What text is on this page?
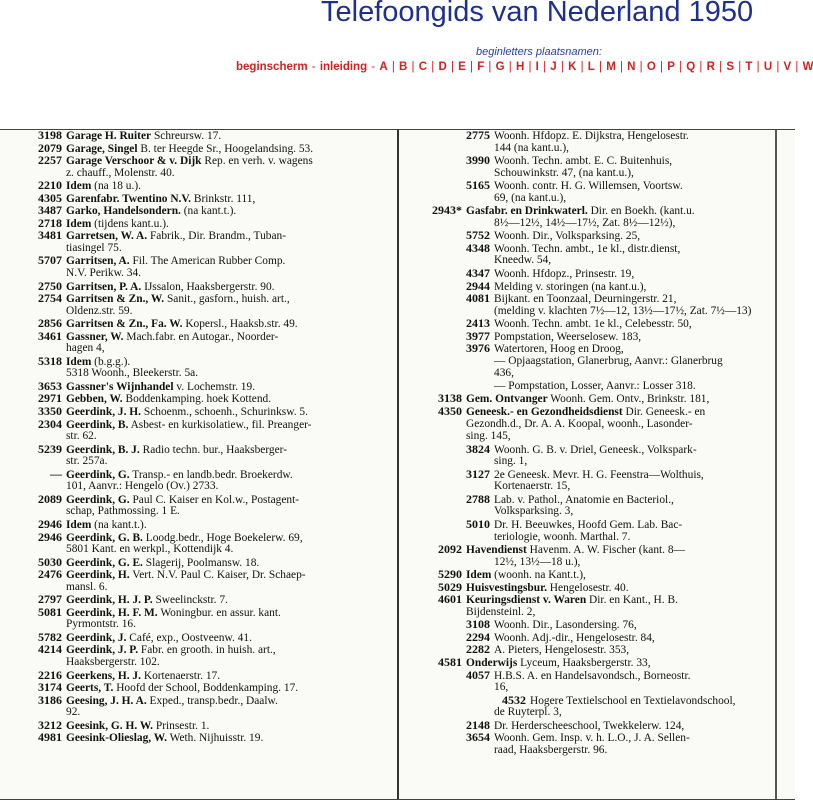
Telefoongids van Nederland 1950
beginletters plaatsnamen:
beginscherm - inleiding - A | B | C | D | E | F | G | H | I | J | K | L | M | N | O | P | Q | R | S | T | U | V | W
3198 Garage H. Ruiter Schreursw. 17.
2079 Garage, Singel B. ter Heegde Sr., Hoogelandsing. 53.
2257 Garage Verschoor & v. Dijk Rep. en verh. v. wagens
z. chauff., Molenstr. 40.
2210 Idem (na 18 u.).
4305 Garenfabr. Twentino N.V. Brinkstr. 111,
3487 Garko, Handelsondern. (na kant.t.).
2718 Idem (tijdens kant.u.).
3481 Garretsen, W. A. Fabrik., Dir. Brandm., Tuban-
tiasingel 75.
5707 Garritsen, A. Fil. The American Rubber Comp.
N.V. Perikw. 34.
2750 Garritsen, P. A. IJssalon, Haaksbergerstr. 90.
2754 Garritsen & Zn., W. Sanit., gasforn., huish. art.,
Oldenz.str. 59.
2856 Garritsen & Zn., Fa. W. Kopersl., Haaksb.str. 49.
3461 Gassner, W. Mach.fabr. en Autogar., Noorder-
hagen 4,
5318 Idem (b.g.g.).
5318 Woonh., Bleekerstr. 5a.
3653 Gassner's Wijnhandel v. Lochemstr. 19.
2971 Gebben, W. Boddenkamping. hoek Kottend.
3350 Geerdink, J. H. Schoenm., schoenh., Schurinksw. 5.
2304 Geerdink, B. Asbest- en kurkisolatiew., fil. Preanger-
str. 62.
5239 Geerdink, B. J. Radio techn. bur., Haaksberger-
str. 257a.
— Geerdink, G. Transp.- en landb.bedr. Broekerdw.
101, Aanvr.: Hengelo (Ov.) 2733.
2089 Geerdink, G. Paul C. Kaiser en Kol.w., Postagent-
schap, Pathmossing. 1 E.
2946 Idem (na kant.t.).
2946 Geerdink, G. B. Loodg.bedr., Hoge Boekelerw. 69,
5801 Kant. en werkpl., Kottendijk 4.
5030 Geerdink, G. E. Slagerij, Poolmansw. 18.
2476 Geerdink, H. Vert. N.V. Paul C. Kaiser, Dr. Schaep-
mansl. 6.
2797 Geerdink, H. J. P. Sweelinckstr. 7.
5081 Geerdink, H. F. M. Woningbur. en assur. kant.
Pyrmontstr. 16.
5782 Geerdink, J. Café, exp., Oostveenw. 41.
4214 Geerdink, J. P. Fabr. en grooth. in huish. art.,
Haaksbergerstr. 102.
2216 Geerkens, H. J. Kortenaerstr. 17.
3174 Geerts, T. Hoofd der School, Boddenkamping. 17.
3186 Geesing, J. H. A. Exped., transp.bedr., Daalw.
92.
3212 Geesink, G. H. W. Prinsestr. 1.
4981 Geesink-Olieslag, W. Weth. Nijhuisstr. 19.
2775 Woonh. Hfdopz. E. Dijkstra, Hengelosestr.
144 (na kant.u.),
3990 Woonh. Techn. ambt. E. C. Buitenhuis,
Schouwinkstr. 47, (na kant.u.),
5165 Woonh. contr. H. G. Willemsen, Voortsw.
69, (na kant.u.),
2943* Gasfabr. en Drinkwaterl. Dir. en Boekh. (kant.u.
8½—12½, 14½—17½, Zat. 8½—12½),
5752 Woonh. Dir., Volksparksing. 25,
4348 Woonh. Techn. ambt., 1e kl., distr.dienst,
Kneedw. 54,
4347 Woonh. Hfdopz., Prinsestr. 19,
2944 Melding v. storingen (na kant.u.),
4081 Bijkant. en Toonzaal, Deurningerstr. 21,
(melding v. klachten 7½—12, 13½—17½, Zat. 7½—13)
2413 Woonh. Techn. ambt. 1e kl., Celebesstr. 50,
3977 Pompstation, Weerselosew. 183,
3976 Watertoren, Hoog en Droog,
— Opjaagstation, Glanerbrug, Aanvr.: Glanerbrug
436,
— Pompstation, Losser, Aanvr.: Losser 318.
3138 Gem. Ontvanger Woonh. Gem. Ontv., Brinkstr. 181,
4350 Geneesk.- en Gezondheidsdienst Dir. Geneesk.- en
Gezondh.d., Dr. A. A. Koopal, woonh., Lasonder-
sing. 145,
3824 Woonh. G. B. v. Driel, Geneesk., Volkspark-
sing. 1,
3127 2e Geneesk. Mevr. H. G. Feenstra—Wolthuis,
Kortenaerstr. 15,
2788 Lab. v. Pathol., Anatomie en Bacteriol.,
Volksparksing. 3,
5010 Dr. H. Beeuwkes, Hoofd Gem. Lab. Bac-
teriologie, woonh. Marthal. 7.
2092 Havendienst Havenm. A. W. Fischer (kant. 8—
12½, 13½—18 u.),
5290 Idem (woonh. na Kant.t.),
5029 Huisvestingsbur. Hengelosestr. 40.
4601 Keuringsdienst v. Waren Dir. en Kant., H. B.
Bijdensteinl. 2,
3108 Woonh. Dir., Lasondersing. 76,
2294 Woonh. Adj.-dir., Hengelosestr. 84,
2282 A. Pieters, Hengelosestr. 353,
4581 Onderwijs Lyceum, Haaksbergerstr. 33,
4057 H.B.S. A. en Handelsavondsch., Borneostr.
16,
4532 Hogere Textielschool en Textielavondschool,
de Ruyterpl. 3,
2148 Dr. Herderscheeschool, Twekkelerw. 124,
3654 Woonh. Gem. Insp. v. h. L.O., J. A. Sellen-
raad, Haaksbergerstr. 96.
